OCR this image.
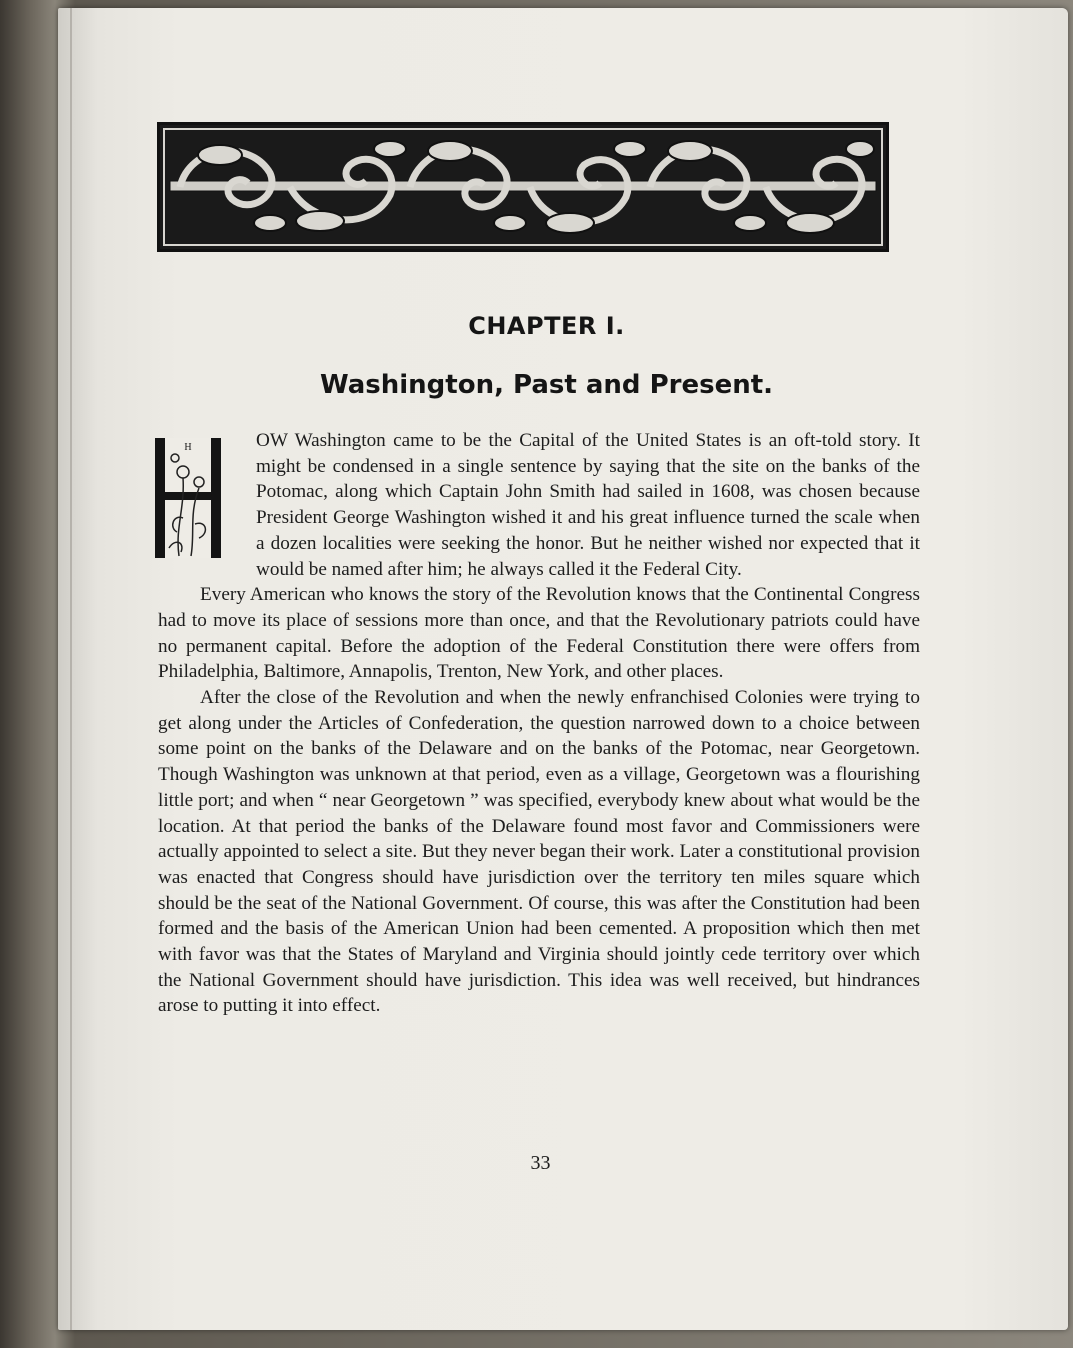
CHAPTER I.
Washington, Past and Present.

OW Washington came to be the Capital of the United States is an oft-told story. It might be condensed in a single sentence by saying that the site on the banks of the Potomac, along which Captain John Smith had sailed in 1608, was chosen because President George Washington wished it and his great influence turned the scale when a dozen localities were seeking the honor. But he neither wished nor expected that it would be named after him; he always called it the Federal City.

Every American who knows the story of the Revolution knows that the Continental Congress had to move its place of sessions more than once, and that the Revolutionary patriots could have no permanent capital. Before the adoption of the Federal Constitution there were offers from Philadelphia, Baltimore, Annapolis, Trenton, New York, and other places.

After the close of the Revolution and when the newly enfranchised Colonies were trying to get along under the Articles of Confederation, the question narrowed down to a choice between some point on the banks of the Delaware and on the banks of the Potomac, near Georgetown. Though Washington was unknown at that period, even as a village, Georgetown was a flourishing little port; and when “ near Georgetown ” was specified, everybody knew about what would be the location. At that period the banks of the Delaware found most favor and Commissioners were actually appointed to select a site. But they never began their work. Later a constitutional provision was enacted that Congress should have jurisdiction over the territory ten miles square which should be the seat of the National Government. Of course, this was after the Constitution had been formed and the basis of the American Union had been cemented. A proposition which then met with favor was that the States of Maryland and Virginia should jointly cede territory over which the National Government should have jurisdiction. This idea was well received, but hindrances arose to putting it into effect.

H
33
